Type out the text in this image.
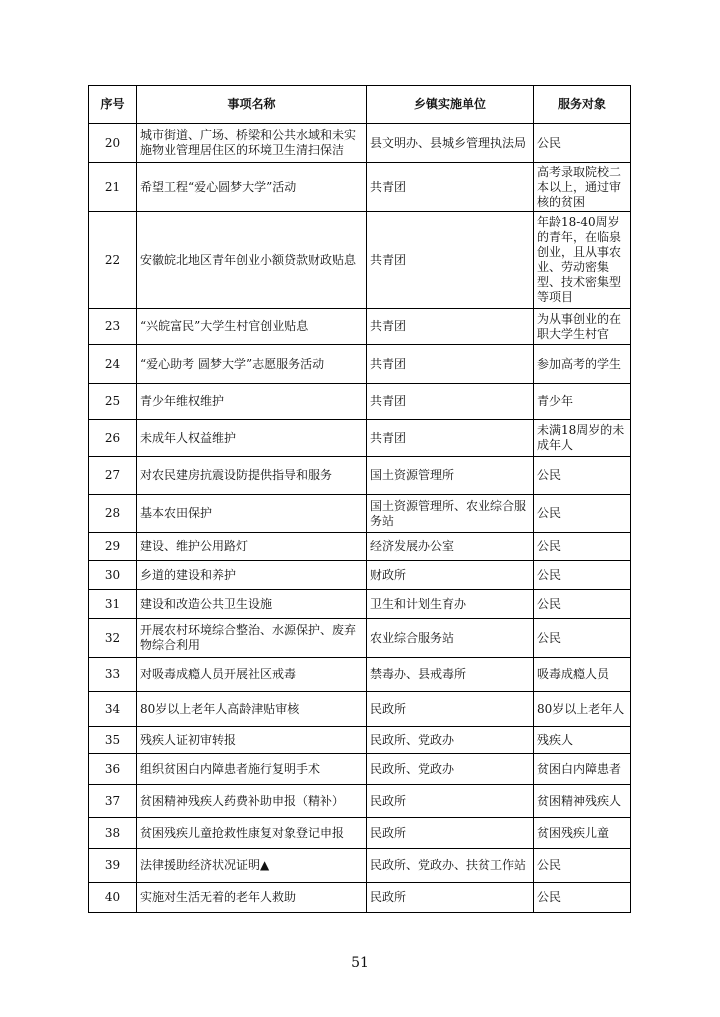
序号	事项名称	乡镇实施单位	服务对象
20	城市街道、广场、桥梁和公共水域和未实施物业管理居住区的环境卫生清扫保洁	县文明办、县城乡管理执法局	公民

21	希望工程“爱心圆梦大学”活动	共青团	高考录取院校二本以上，通过审核的贫困

22	安徽皖北地区青年创业小额贷款财政贴息	共青团	年龄18-40周岁的青年，在临泉创业，且从事农业、劳动密集型、技术密集型等项目

23	“兴皖富民”大学生村官创业贴息	共青团	为从事创业的在职大学生村官

24	“爱心助考 圆梦大学”志愿服务活动	共青团	参加高考的学生

25	青少年维权维护	共青团	青少年

26	未成年人权益维护	共青团	未满18周岁的未成年人

27	对农民建房抗震设防提供指导和服务	国土资源管理所	公民

28	基本农田保护	国土资源管理所、农业综合服务站	公民

29	建设、维护公用路灯	经济发展办公室	公民

30	乡道的建设和养护	财政所	公民

31	建设和改造公共卫生设施	卫生和计划生育办	公民

32	开展农村环境综合整治、水源保护、废弃物综合利用	农业综合服务站	公民

33	对吸毒成瘾人员开展社区戒毒	禁毒办、县戒毒所	吸毒成瘾人员

34	80岁以上老年人高龄津贴审核	民政所	80岁以上老年人

35	残疾人证初审转报	民政所、党政办	残疾人

36	组织贫困白内障患者施行复明手术	民政所、党政办	贫困白内障患者

37	贫困精神残疾人药费补助申报（精补）	民政所	贫困精神残疾人

38	贫困残疾儿童抢救性康复对象登记申报	民政所	贫困残疾儿童

39	法律援助经济状况证明▲	民政所、党政办、扶贫工作站	公民

40	实施对生活无着的老年人救助	民政所	公民
51
